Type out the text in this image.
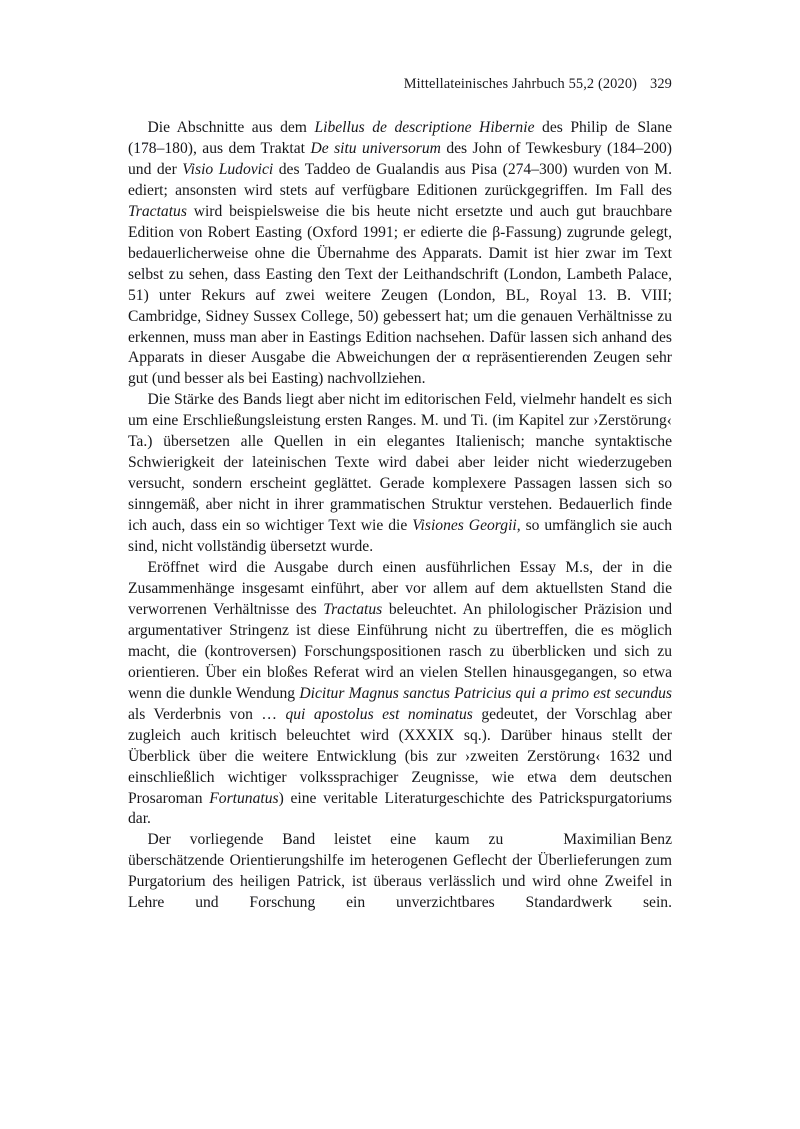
Mittellateinisches Jahrbuch 55,2 (2020) 329

Die Abschnitte aus dem Libellus de descriptione Hibernie des Philip de Slane (178–180), aus dem Traktat De situ universorum des John of Tewkesbury (184–200) und der Visio Ludovici des Taddeo de Gualandis aus Pisa (274–300) wurden von M. ediert; ansonsten wird stets auf verfügbare Editionen zurückgegriffen. Im Fall des Tractatus wird beispielsweise die bis heute nicht ersetzte und auch gut brauchbare Edition von Robert Easting (Oxford 1991; er edierte die β-Fassung) zugrunde gelegt, bedauerlicherweise ohne die Übernahme des Apparats. Damit ist hier zwar im Text selbst zu sehen, dass Easting den Text der Leithandschrift (London, Lambeth Palace, 51) unter Rekurs auf zwei weitere Zeugen (London, BL, Royal 13. B. VIII; Cambridge, Sidney Sussex College, 50) gebessert hat; um die genauen Verhältnisse zu erkennen, muss man aber in Eastings Edition nachsehen. Dafür lassen sich anhand des Apparats in dieser Ausgabe die Abweichungen der α repräsentierenden Zeugen sehr gut (und besser als bei Easting) nachvollziehen.

Die Stärke des Bands liegt aber nicht im editorischen Feld, vielmehr handelt es sich um eine Erschließungsleistung ersten Ranges. M. und Ti. (im Kapitel zur ›Zerstörung‹ Ta.) übersetzen alle Quellen in ein elegantes Italienisch; manche syntaktische Schwierigkeit der lateinischen Texte wird dabei aber leider nicht wiederzugeben versucht, sondern erscheint geglättet. Gerade komplexere Passagen lassen sich so sinngemäß, aber nicht in ihrer grammatischen Struktur verstehen. Bedauerlich finde ich auch, dass ein so wichtiger Text wie die Visiones Georgii, so umfänglich sie auch sind, nicht vollständig übersetzt wurde.

Eröffnet wird die Ausgabe durch einen ausführlichen Essay M.s, der in die Zusammenhänge insgesamt einführt, aber vor allem auf dem aktuellsten Stand die verworrenen Verhältnisse des Tractatus beleuchtet. An philologischer Präzision und argumentativer Stringenz ist diese Einführung nicht zu übertreffen, die es möglich macht, die (kontroversen) Forschungspositionen rasch zu überblicken und sich zu orientieren. Über ein bloßes Referat wird an vielen Stellen hinausgegangen, so etwa wenn die dunkle Wendung Dicitur Magnus sanctus Patricius qui a primo est secundus als Verderbnis von … qui apostolus est nominatus gedeutet, der Vorschlag aber zugleich auch kritisch beleuchtet wird (XXXIX sq.). Darüber hinaus stellt der Überblick über die weitere Entwicklung (bis zur ›zweiten Zerstörung‹ 1632 und einschließlich wichtiger volkssprachiger Zeugnisse, wie etwa dem deutschen Prosaroman Fortunatus) eine veritable Literaturgeschichte des Patrickspurgatoriums dar.

Maximilian Benz
Der vorliegende Band leistet eine kaum zu überschätzende Orientierungshilfe im heterogenen Geflecht der Überlieferungen zum Purgatorium des heiligen Patrick, ist überaus verlässlich und wird ohne Zweifel in Lehre und Forschung ein unverzichtbares Standardwerk sein.
